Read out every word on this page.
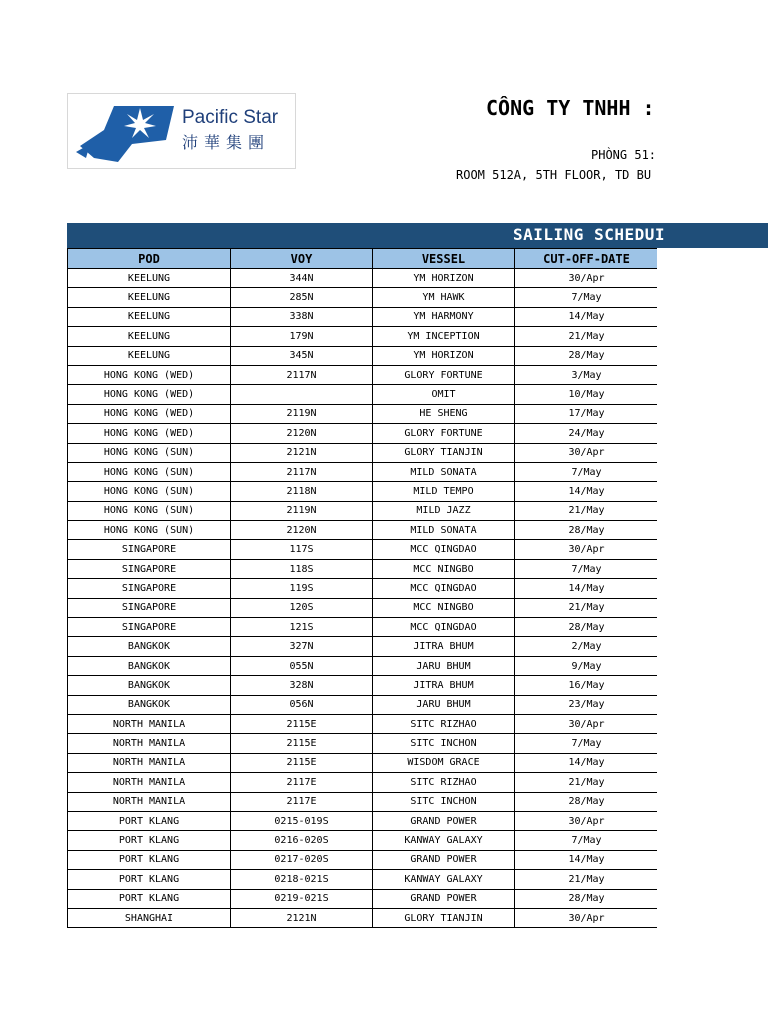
Pacific Star
沛華集團
CÔNG TY TNHH :
PHÒNG 51:
ROOM 512A, 5TH FLOOR, TD BU
SAILING SCHEDUI
POD	VOY	VESSEL	CUT-OFF-DATE
KEELUNG	344N	YM HORIZON	30/Apr
KEELUNG	285N	YM HAWK	7/May
KEELUNG	338N	YM HARMONY	14/May
KEELUNG	179N	YM INCEPTION	21/May
KEELUNG	345N	YM HORIZON	28/May
HONG KONG (WED)	2117N	GLORY FORTUNE	3/May
HONG KONG (WED)		OMIT	10/May
HONG KONG (WED)	2119N	HE SHENG	17/May
HONG KONG (WED)	2120N	GLORY FORTUNE	24/May
HONG KONG (SUN)	2121N	GLORY TIANJIN	30/Apr
HONG KONG (SUN)	2117N	MILD SONATA	7/May
HONG KONG (SUN)	2118N	MILD TEMPO	14/May
HONG KONG (SUN)	2119N	MILD JAZZ	21/May
HONG KONG (SUN)	2120N	MILD SONATA	28/May
SINGAPORE	117S	MCC QINGDAO	30/Apr
SINGAPORE	118S	MCC NINGBO	7/May
SINGAPORE	119S	MCC QINGDAO	14/May
SINGAPORE	120S	MCC NINGBO	21/May
SINGAPORE	121S	MCC QINGDAO	28/May
BANGKOK	327N	JITRA BHUM	2/May
BANGKOK	055N	JARU BHUM	9/May
BANGKOK	328N	JITRA BHUM	16/May
BANGKOK	056N	JARU BHUM	23/May
NORTH MANILA	2115E	SITC RIZHAO	30/Apr
NORTH MANILA	2115E	SITC INCHON	7/May
NORTH MANILA	2115E	WISDOM GRACE	14/May
NORTH MANILA	2117E	SITC RIZHAO	21/May
NORTH MANILA	2117E	SITC INCHON	28/May
PORT KLANG	0215-019S	GRAND POWER	30/Apr
PORT KLANG	0216-020S	KANWAY GALAXY	7/May
PORT KLANG	0217-020S	GRAND POWER	14/May
PORT KLANG	0218-021S	KANWAY GALAXY	21/May
PORT KLANG	0219-021S	GRAND POWER	28/May
SHANGHAI	2121N	GLORY TIANJIN	30/Apr
